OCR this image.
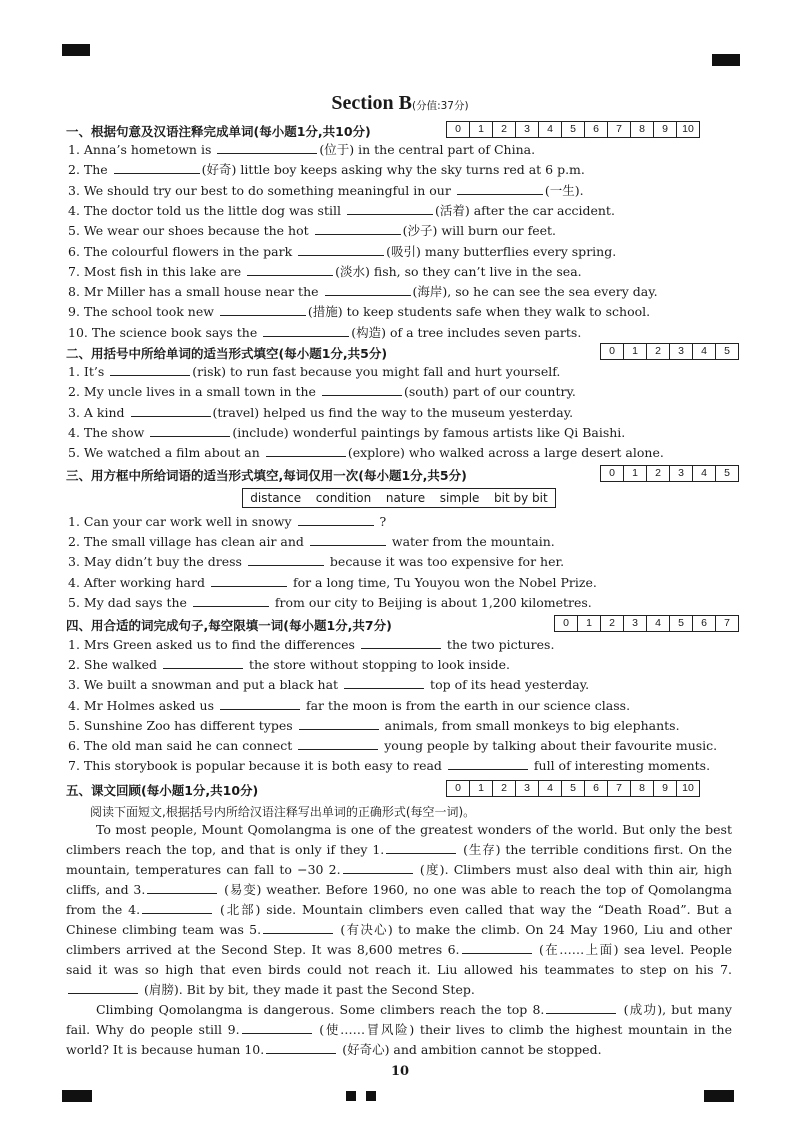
Section B(分值:37分)
一、根据句意及汉语注释完成单词(每小题1分,共10分)	0	1	2	3	4	5	6	7	8	9	10
1. Anna’s hometown is	(位于) in the central part of China.
2. The	(好奇) little boy keeps asking why the sky turns red at 6 p.m.
3. We should try our best to do something meaningful in our	(一生).
4. The doctor told us the little dog was still	(活着) after the car accident.
5. We wear our shoes because the hot	(沙子) will burn our feet.
6. The colourful flowers in the park	(吸引) many butterflies every spring.
7. Most fish in this lake are	(淡水) fish, so they can’t live in the sea.
8. Mr Miller has a small house near the	(海岸), so he can see the sea every day.
9. The school took new	(措施) to keep students safe when they walk to school.
10. The science book says the	(构造) of a tree includes seven parts.
二、用括号中所给单词的适当形式填空(每小题1分,共5分)	0	1	2	3	4	5
1. It’s	(risk) to run fast because you might fall and hurt yourself.
2. My uncle lives in a small town in the	(south) part of our country.
3. A kind	(travel) helped us find the way to the museum yesterday.
4. The show	(include) wonderful paintings by famous artists like Qi Baishi.
5. We watched a film about an	(explore) who walked across a large desert alone.
三、用方框中所给词语的适当形式填空,每词仅用一次(每小题1分,共5分)	0	1	2	3	4	5
distance condition nature simple bit by bit
1. Can your car work well in snowy	?
2. The small village has clean air and	water from the mountain.
3. May didn’t buy the dress	because it was too expensive for her.
4. After working hard	for a long time, Tu Youyou won the Nobel Prize.
5. My dad says the	from our city to Beijing is about 1,200 kilometres.
四、用合适的词完成句子,每空限填一词(每小题1分,共7分)	0	1	2	3	4	5	6	7
1. Mrs Green asked us to find the differences	the two pictures.
2. She walked	the store without stopping to look inside.
3. We built a snowman and put a black hat	top of its head yesterday.
4. Mr Holmes asked us	far the moon is from the earth in our science class.
5. Sunshine Zoo has different types	animals, from small monkeys to big elephants.
6. The old man said he can connect	young people by talking about their favourite music.
7. This storybook is popular because it is both easy to read	full of interesting moments.
五、课文回顾(每小题1分,共10分)	0	1	2	3	4	5	6	7	8	9	10
阅读下面短文,根据括号内所给汉语注释写出单词的正确形式(每空一词)。
To most people, Mount Qomolangma is one of the greatest wonders of the world. But only the best climbers reach the top, and that is only if they 1.	(生存) the terrible conditions first. On the mountain, temperatures can fall to −30 2.	(度). Climbers must also deal with thin air, high cliffs, and 3.	(易变) weather. Before 1960, no one was able to reach the top of Qomolangma from the 4.	(北部) side. Mountain climbers even called that way the “Death Road”. But a Chinese climbing team was 5.	(有决心) to make the climb. On 24 May 1960, Liu and other climbers arrived at the Second Step. It was 8,600 metres 6.	(在……上面) sea level. People said it was so high that even birds could not reach it. Liu allowed his teammates to step on his 7. (肩膀). Bit by bit, they made it past the Second Step.
Climbing Qomolangma is dangerous. Some climbers reach the top 8.	(成功), but many fail. Why do people still 9.	(使……冒风险) their lives to climb the highest mountain in the world? It is because human 10.	(好奇心) and ambition cannot be stopped.
10
